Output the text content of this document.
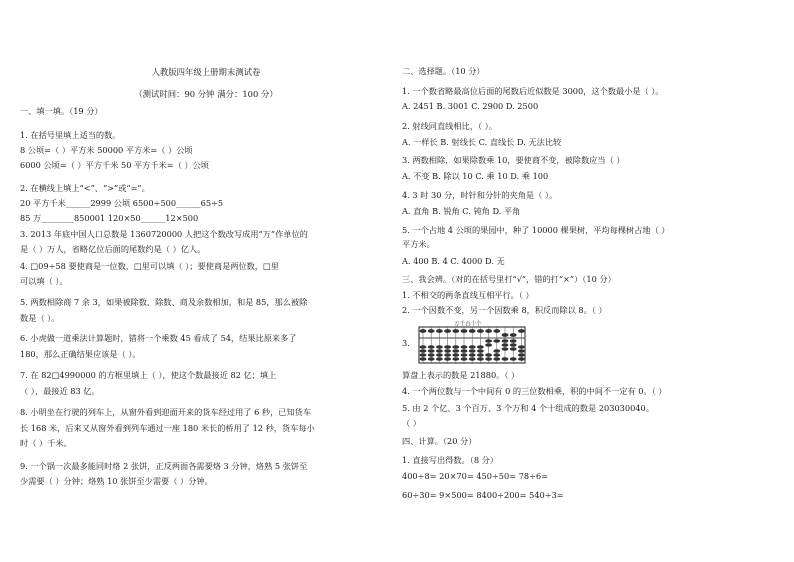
人教版四年级上册期末测试卷
（测试时间：90 分钟 满分：100 分）
一、填一填。（19 分）
1. 在括号里填上适当的数。
8 公顷=（ ）平方米 50000 平方米=（ ）公顷
6000 公顷=（ ）平方千米 50 平方千米=（ ）公顷
2. 在横线上填上“<”、“>”或“=”。
20 平方千米______2999 公顷 6500÷500______65÷5
85 万________850001 120×50______12×500
3. 2013 年底中国人口总数是 1360720000 人把这个数改写成用“万”作单位的
是（ ）万人，省略亿位后面的尾数约是（ ）亿人。
4. □09÷58 要使商是一位数，□里可以填（ ）；要使商是两位数，□里
可以填（ ）。
5. 两数相除商 7 余 3，如果被除数、除数、商及余数相加，和是 85，那么被除
数是（ ）。
6. 小虎做一道乘法计算题时，错将一个乘数 45 看成了 54，结果比原来多了
180，那么正确结果应该是（ ）。
7. 在 82□4990000 的方框里填上（ ），使这个数最接近 82 亿；填上
（ ），最接近 83 亿。
8. 小明坐在行驶的列车上，从窗外看到迎面开来的货车经过用了 6 秒，已知货车
长 168 米，后来又从窗外看到列车通过一座 180 米长的桥用了 12 秒，货车每小
时（ ）千米。
9. 一个锅一次最多能同时烙 2 张饼，正反两面各需要烙 3 分钟，烙熟 5 张饼至
少需要（ ）分钟；烙熟 10 张饼至少需要（ ）分钟。
二、选择题。（10 分）
1. 一个数省略最高位后面的尾数后近似数是 3000，这个数最小是（ ）。
A. 2451 B. 3001 C. 2900 D. 2500
2. 射线同直线相比，（ ）。
A. 一样长 B. 射线长 C. 直线长 D. 无法比较
3. 两数相除，如果除数乘 10，要使商不变，被除数应当（ ）
A. 不变 B. 除以 10 C. 乘 10 D. 乘 100
4. 3 时 30 分，时针和分针的夹角是（ ）。
A. 直角 B. 锐角 C. 钝角 D. 平角
5. 一个占地 4 公顷的果园中，种了 10000 棵果树，平均每棵树占地（ ）
平方米。
A. 400 B. 4 C. 4000 D. 无
三、我会辨。（对的在括号里打“√”，错的打“×”）（10 分）
1. 不相交的两条直线互相平行。（ ）
2. 一个因数不变，另一个因数乘 8，积反而除以 8。（ ）
3.
万千百十个
算盘上表示的数是 21880。（ ）
4. 一个两位数与一个中间有 0 的三位数相乘，积的中间不一定有 0。（ ）
5. 由 2 个亿、3 个百万、3 个万和 4 个十组成的数是 203030040。
（ ）
四、计算。（20 分）
1. 直接写出得数。（8 分）
400÷8= 20×70= 450÷50= 78÷6=
60÷30= 9×500= 8400÷200= 540÷3=
